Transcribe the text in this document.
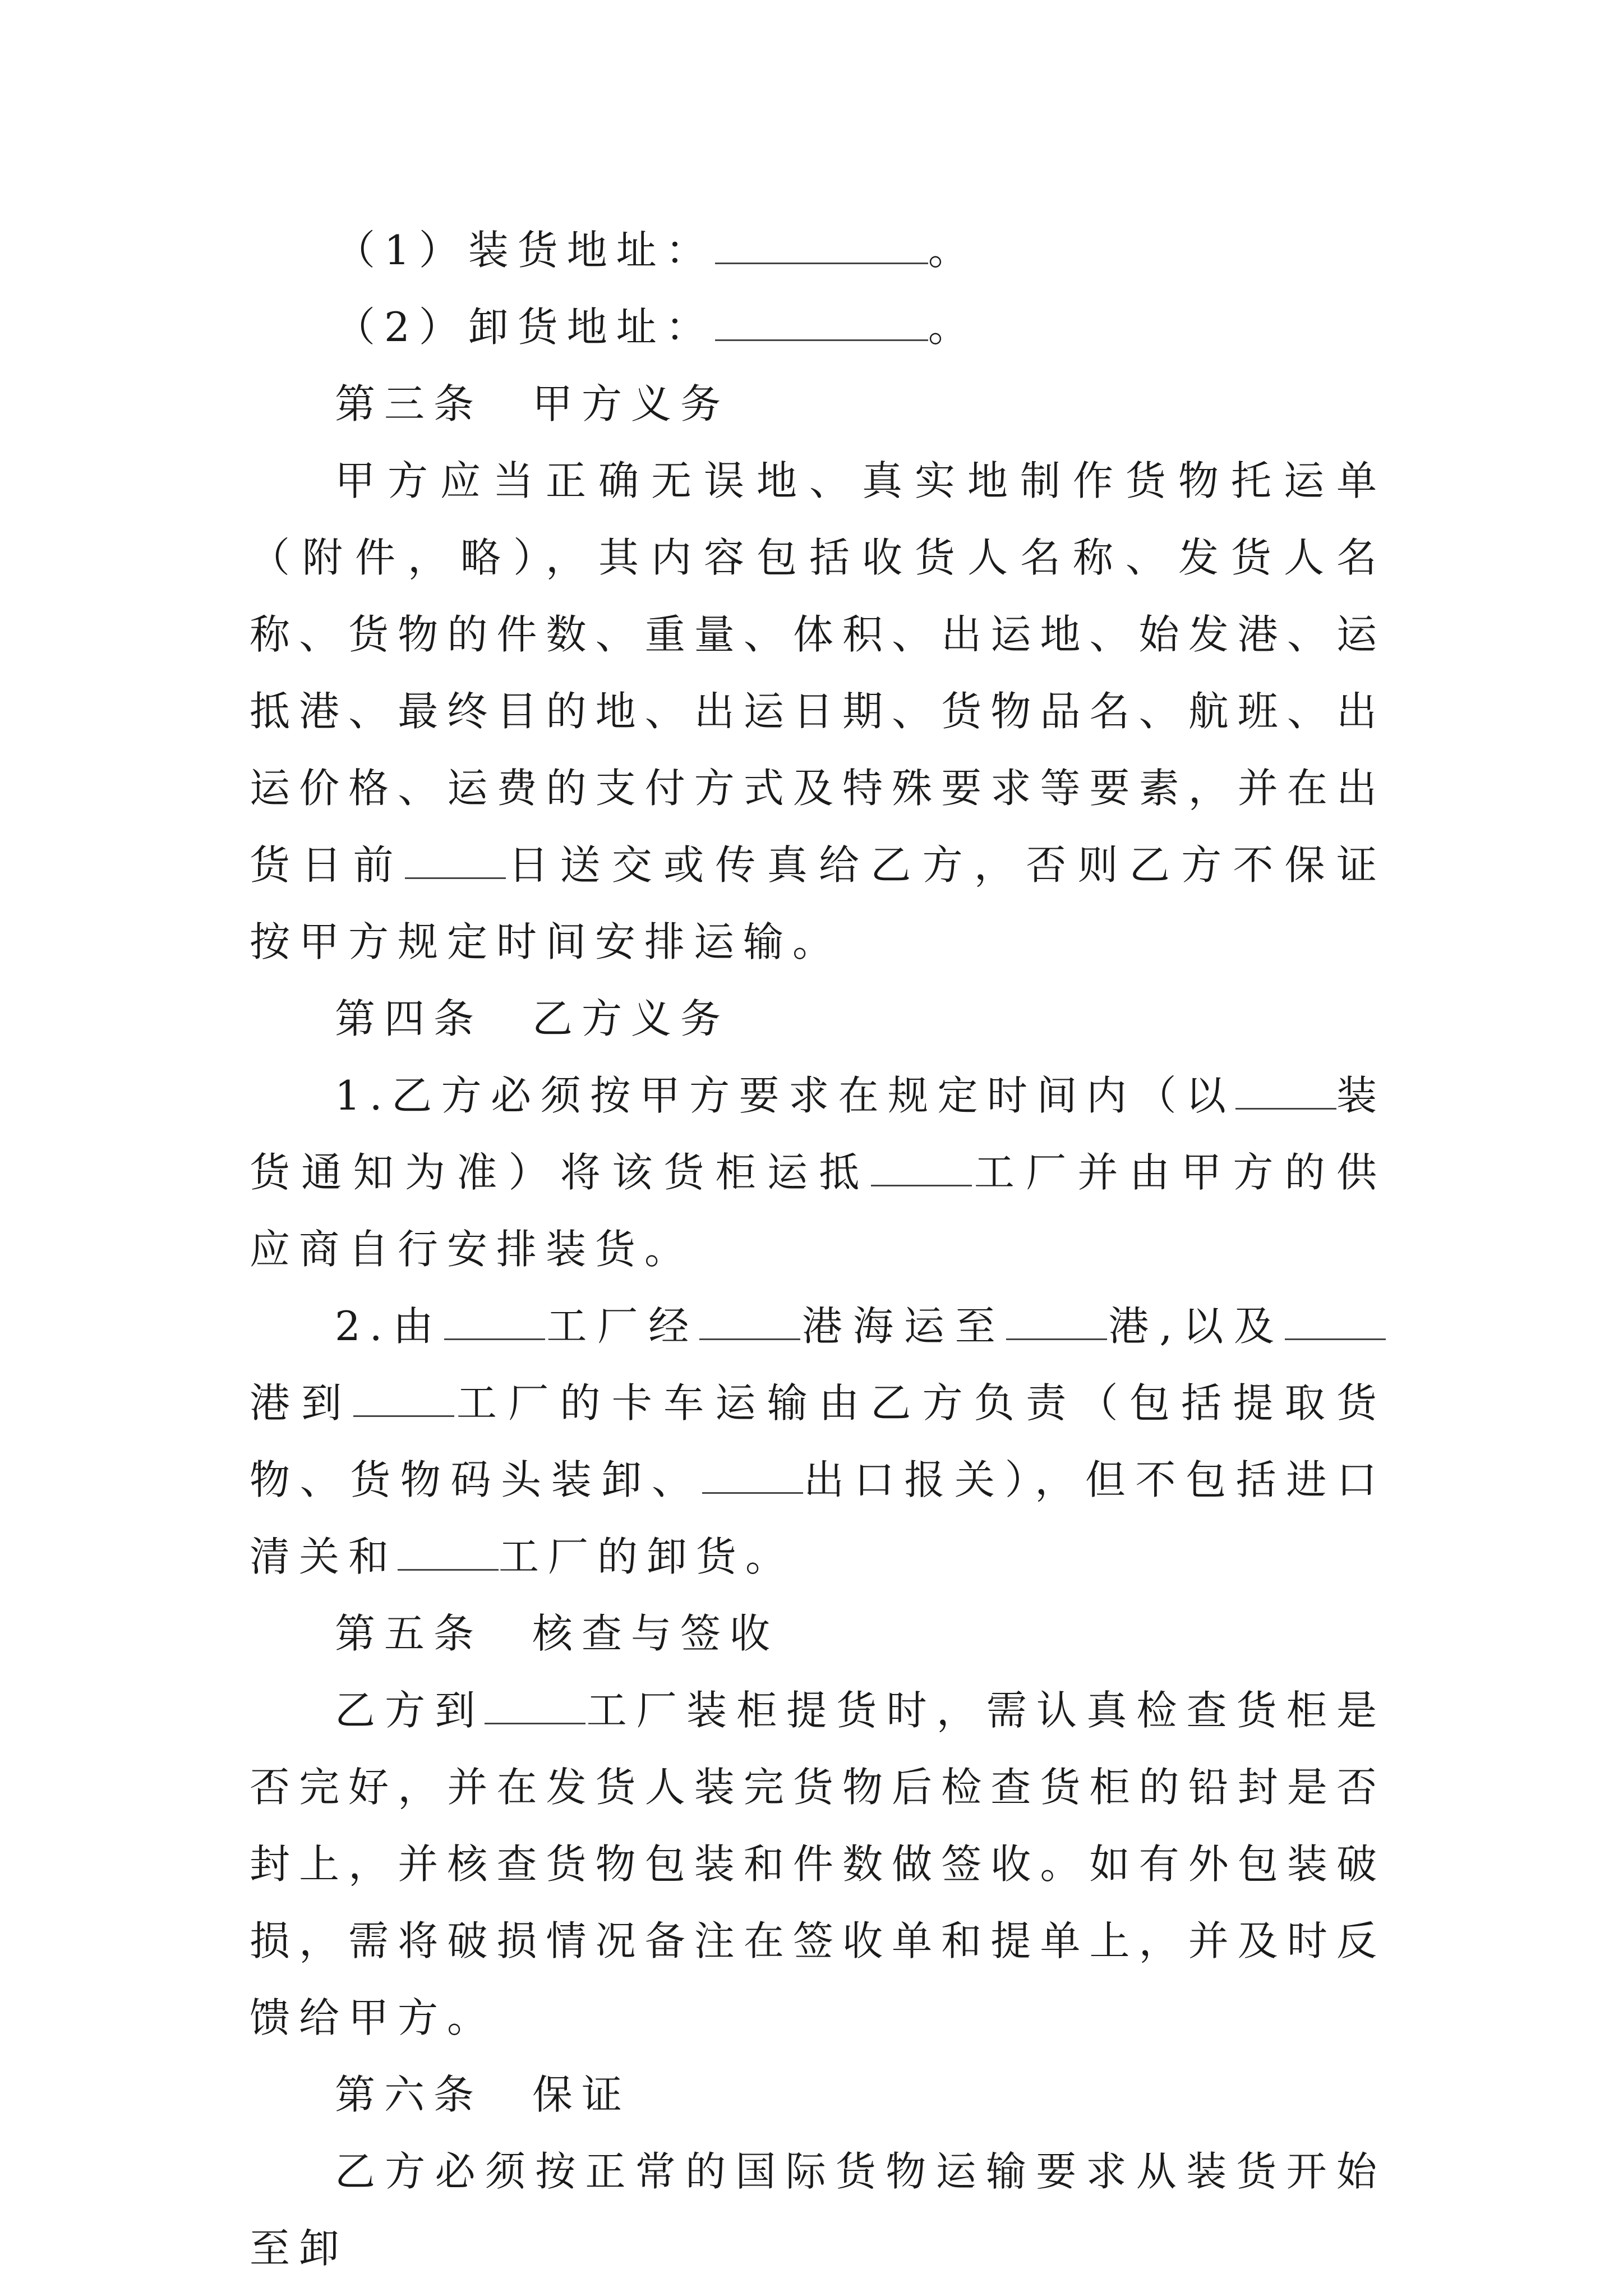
（1）装货地址：	。

（2）卸货地址：	。

第三条　甲方义务

甲方应当正确无误地、真实地制作货物托运单（附件，略），其内容包括收货人名称、发货人名称、货物的件数、重量、体积、出运地、始发港、运抵港、最终目的地、出运日期、货物品名、航班、出运价格、运费的支付方式及特殊要求等要素，并在出货日前	日送交或传真给乙方，否则乙方不保证按甲方规定时间安排运输。

第四条　乙方义务

1.乙方必须按甲方要求在规定时间内（以	装货通知为准）将该货柜运抵	工厂并由甲方的供应商自行安排装货。

2.由	工厂经	港海运至	港,以及港到	工厂的卡车运输由乙方负责（包括提取货物、货物码头装卸、	出口报关），但不包括进口清关和	工厂的卸货。

第五条　核查与签收

乙方到	工厂装柜提货时，需认真检查货柜是否完好，并在发货人装完货物后检查货柜的铅封是否封上，并核查货物包装和件数做签收。如有外包装破损，需将破损情况备注在签收单和提单上，并及时反馈给甲方。

第六条　保证

乙方必须按正常的国际货物运输要求从装货开始至卸
